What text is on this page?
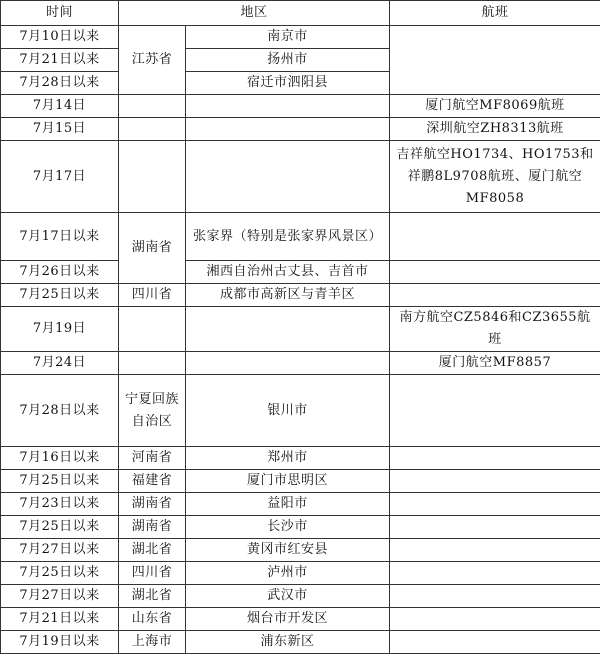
时间	地区		航班
7月10日以来	江苏省	南京市	
7月21日以来		扬州市	
7月28日以来		宿迁市泗阳县	
7月14日			厦门航空MF8069航班
7月15日			深圳航空ZH8313航班
7月17日			吉祥航空HO1734、HO1753和祥鹏8L9708航班、厦门航空MF8058
7月17日以来	湖南省	张家界（特别是张家界风景区）	
7月26日以来		湘西自治州古丈县、吉首市	
7月25日以来	四川省	成都市高新区与青羊区	
7月19日			南方航空CZ5846和CZ3655航班
7月24日			厦门航空MF8857
7月28日以来	宁夏回族自治区	银川市	
7月16日以来	河南省	郑州市	
7月25日以来	福建省	厦门市思明区	
7月23日以来	湖南省	益阳市	
7月25日以来	湖南省	长沙市	
7月27日以来	湖北省	黄冈市红安县	
7月25日以来	四川省	泸州市	
7月27日以来	湖北省	武汉市	
7月21日以来	山东省	烟台市开发区	
7月19日以来	上海市	浦东新区	
